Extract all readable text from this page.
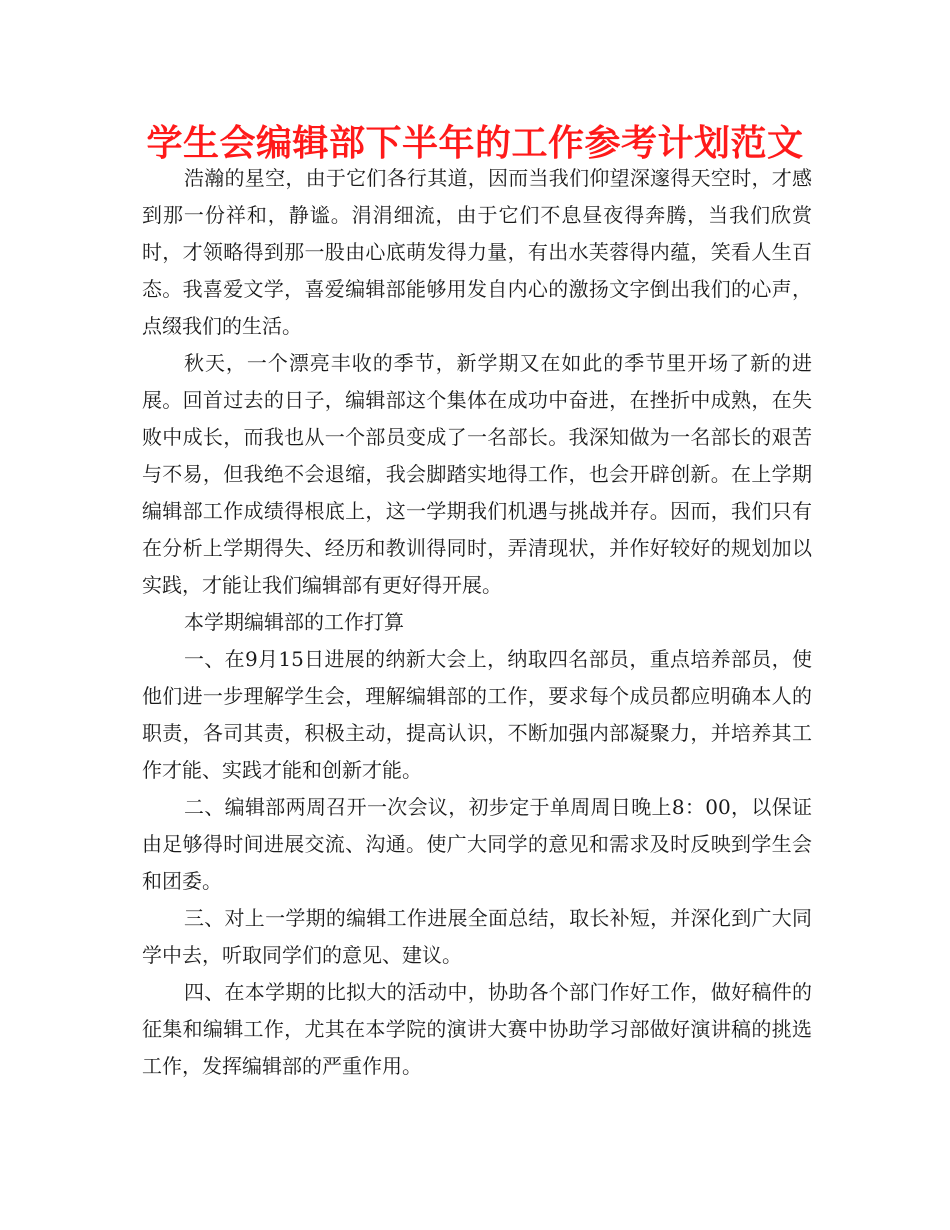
学生会编辑部下半年的工作参考计划范文

浩瀚的星空，由于它们各行其道，因而当我们仰望深邃得天空时，才感到那一份祥和，静谧。涓涓细流，由于它们不息昼夜得奔腾，当我们欣赏时，才领略得到那一股由心底萌发得力量，有出水芙蓉得内蕴，笑看人生百态。我喜爱文学，喜爱编辑部能够用发自内心的激扬文字倒出我们的心声，点缀我们的生活。

秋天，一个漂亮丰收的季节，新学期又在如此的季节里开场了新的进展。回首过去的日子，编辑部这个集体在成功中奋进，在挫折中成熟，在失败中成长，而我也从一个部员变成了一名部长。我深知做为一名部长的艰苦与不易，但我绝不会退缩，我会脚踏实地得工作，也会开辟创新。在上学期编辑部工作成绩得根底上，这一学期我们机遇与挑战并存。因而，我们只有在分析上学期得失、经历和教训得同时，弄清现状，并作好较好的规划加以实践，才能让我们编辑部有更好得开展。

本学期编辑部的工作打算

一、在9月15日进展的纳新大会上，纳取四名部员，重点培养部员，使他们进一步理解学生会，理解编辑部的工作，要求每个成员都应明确本人的职责，各司其责，积极主动，提高认识，不断加强内部凝聚力，并培养其工作才能、实践才能和创新才能。

二、编辑部两周召开一次会议，初步定于单周周日晚上8：00，以保证由足够得时间进展交流、沟通。使广大同学的意见和需求及时反映到学生会和团委。

三、对上一学期的编辑工作进展全面总结，取长补短，并深化到广大同学中去，听取同学们的意见、建议。

四、在本学期的比拟大的活动中，协助各个部门作好工作，做好稿件的征集和编辑工作，尤其在本学院的演讲大赛中协助学习部做好演讲稿的挑选工作，发挥编辑部的严重作用。
